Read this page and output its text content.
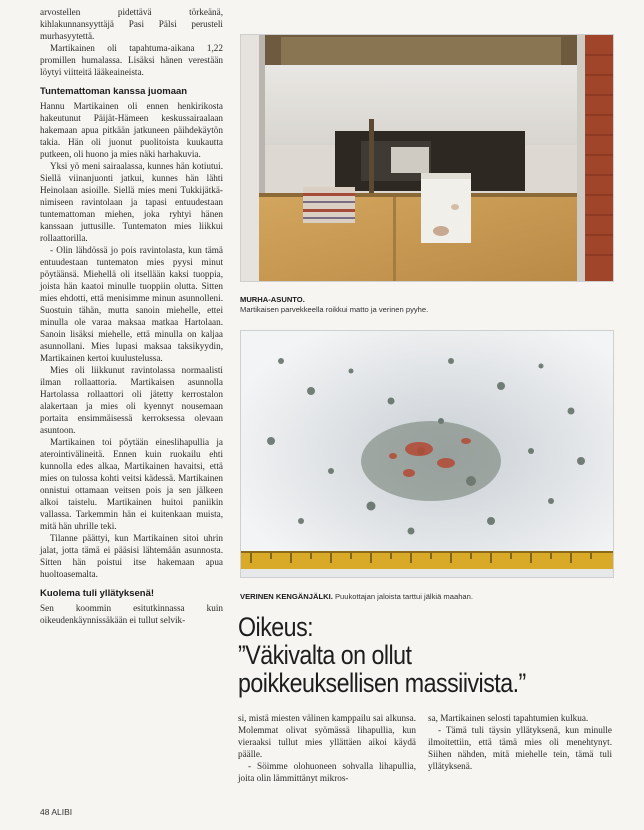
arvostellen pidettävä törkeänä, kihlakunnansyyttäjä Pasi Pälsi perusteli murhasyytettä.

Martikainen oli tapahtuma-aikana 1,22 promillen humalassa. Lisäksi hänen verestään löytyi viitteitä lääkeaineista.

Tuntemattoman kanssa juomaan

Hannu Martikainen oli ennen henkirikosta hakeutunut Päijät-Hämeen keskussairaalaan hakemaan apua pitkään jatkuneen päihdekäytön takia. Hän oli juonut puolitoista kuukautta putkeen, oli huono ja mies näki harhakuvia.

Yksi yö meni sairaalassa, kunnes hän kotiutui. Siellä viinanjuonti jatkui, kunnes hän lähti Heinolaan asioille. Siellä mies meni Tukkijätkä-nimiseen ravintolaan ja tapasi entuudestaan tuntemattoman miehen, joka ryhtyi hänen kanssaan juttusille. Tuntematon mies liikkui rollaattorilla.

- Olin lähdössä jo pois ravintolasta, kun tämä entuudestaan tuntematon mies pyysi minut pöytäänsä. Miehellä oli itsellään kaksi tuoppia, joista hän kaatoi minulle tuoppiin olutta. Sitten mies ehdotti, että menisimme minun asunnolleni. Suostuin tähän, mutta sanoin miehelle, ettei minulla ole varaa maksaa matkaa Hartolaan. Sanoin lisäksi miehelle, että minulla on kaljaa asunnollani. Mies lupasi maksaa taksikyydin, Martikainen kertoi kuulustelussa.

Mies oli liikkunut ravintolassa normaalisti ilman rollaattoria. Martikaisen asunnolla Hartolassa rollaattori oli jätetty kerrostalon alakertaan ja mies oli kyennyt nousemaan portaita ensimmäisessä kerroksessa olevaan asuntoon.

Martikainen toi pöytään eineslihapullia ja aterointivälineitä. Ennen kuin ruokailu ehti kunnolla edes alkaa, Martikainen havaitsi, että mies on tulossa kohti veitsi kädessä. Martikainen onnistui ottamaan veitsen pois ja sen jälkeen alkoi taistelu. Martikainen huitoi paniikin vallassa. Tarkemmin hän ei kuitenkaan muista, mitä hän uhrille teki.

Tilanne päättyi, kun Martikainen sitoi uhrin jalat, jotta tämä ei pääsisi lähtemään asunnosta. Sitten hän poistui itse hakemaan apua huoltoasemalta.

Kuolema tuli yllätyksenä!

Sen koommin esitutkinnassa kuin oikeudenkäynnissäkään ei tullut selvik-

MURHA-ASUNTO.
Martikaisen parvekkeella roikkui matto ja verinen pyyhe.
VERINEN KENGÄNJÄLKI. Puukottajan jaloista tarttui jälkiä maahan.
Oikeus:
”Väkivalta on ollut
poikkeuksellisen massiivista.”

si, mistä miesten välinen kamppailu sai alkunsa. Molemmat olivat syömässä lihapullia, kun vieraaksi tullut mies yllättäen aikoi käydä päälle.

- Söimme olohuoneen sohvalla lihapullia, joita olin lämmittänyt mikros-

sa, Martikainen selosti tapahtumien kulkua.

- Tämä tuli täysin yllätyksenä, kun minulle ilmoitettiin, että tämä mies oli menehtynyt. Siihen nähden, mitä miehelle tein, tämä tuli yllätyksenä.

48 ALIBI
